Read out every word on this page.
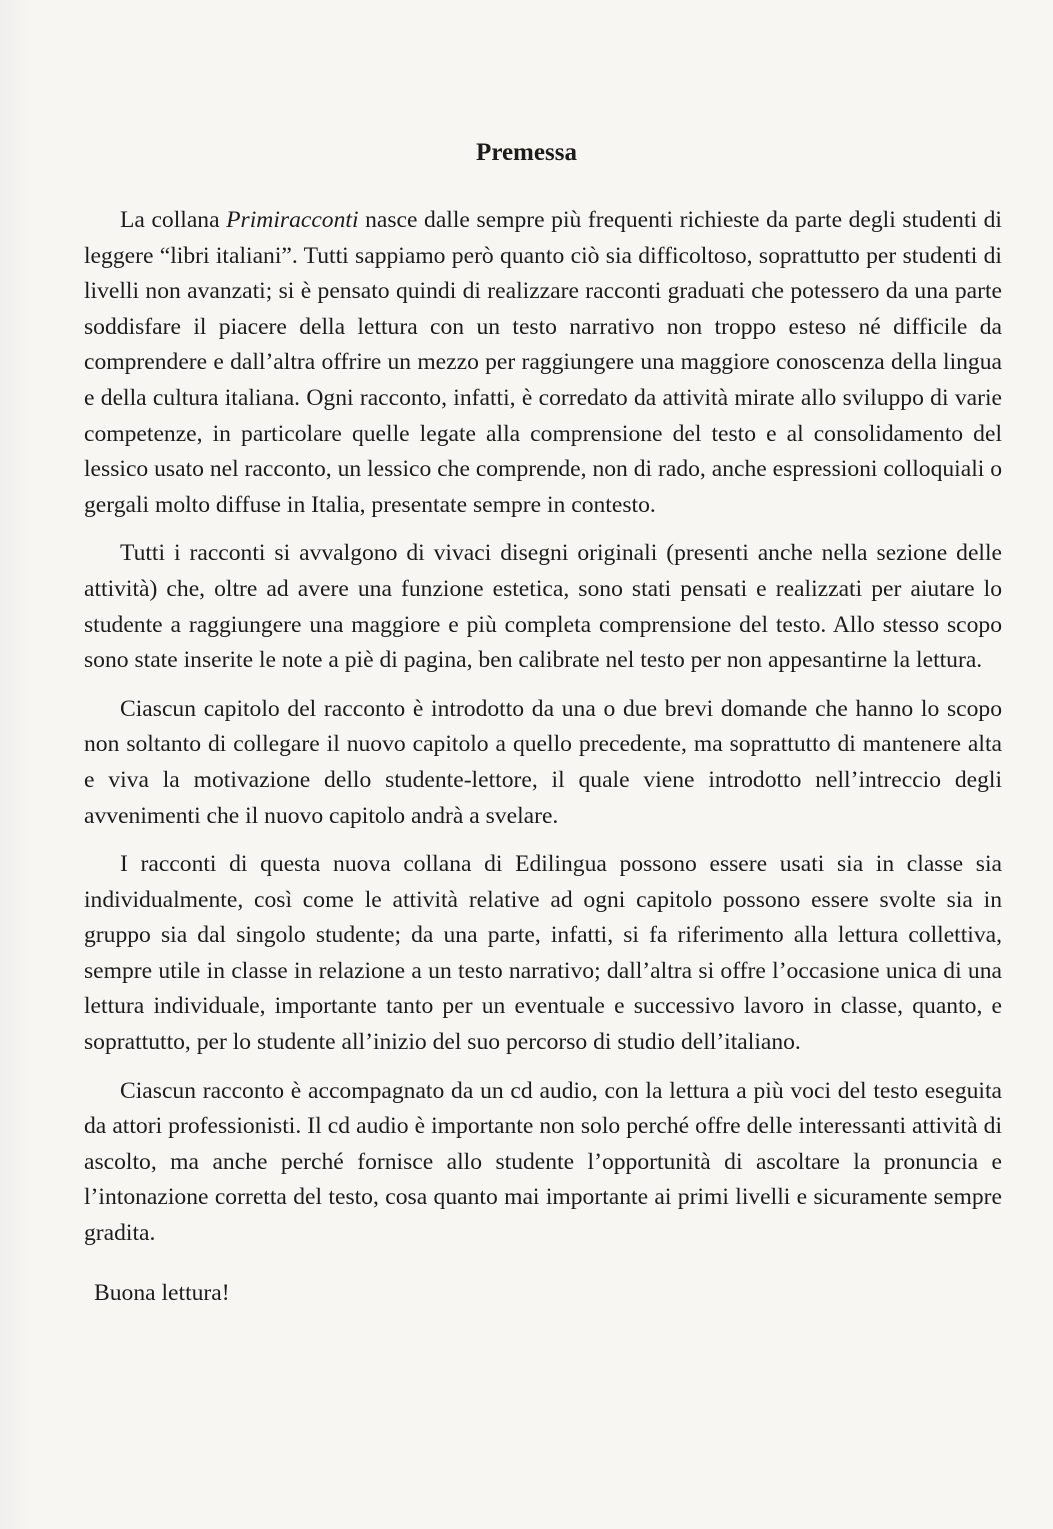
Premessa

La collana Primiracconti nasce dalle sempre più frequenti richieste da parte degli studenti di leggere “libri italiani”. Tutti sappiamo però quanto ciò sia difficoltoso, soprattutto per studenti di livelli non avanzati; si è pensato quindi di realizzare racconti graduati che potessero da una parte soddisfare il piacere della lettura con un testo narrativo non troppo esteso né difficile da comprendere e dall’altra offrire un mezzo per raggiungere una maggiore conoscenza della lingua e della cultura italiana. Ogni racconto, infatti, è corredato da attività mirate allo sviluppo di varie competenze, in particolare quelle legate alla comprensione del testo e al consolidamento del lessico usato nel racconto, un lessico che comprende, non di rado, anche espressioni colloquiali o gergali molto diffuse in Italia, presentate sempre in contesto.

Tutti i racconti si avvalgono di vivaci disegni originali (presenti anche nella sezione delle attività) che, oltre ad avere una funzione estetica, sono stati pensati e realizzati per aiutare lo studente a raggiungere una maggiore e più completa comprensione del testo. Allo stesso scopo sono state inserite le note a piè di pagina, ben calibrate nel testo per non appesantirne la lettura.

Ciascun capitolo del racconto è introdotto da una o due brevi domande che hanno lo scopo non soltanto di collegare il nuovo capitolo a quello precedente, ma soprattutto di mantenere alta e viva la motivazione dello studente-lettore, il quale viene introdotto nell’intreccio degli avvenimenti che il nuovo capitolo andrà a svelare.

I racconti di questa nuova collana di Edilingua possono essere usati sia in classe sia individualmente, così come le attività relative ad ogni capitolo possono essere svolte sia in gruppo sia dal singolo studente; da una parte, infatti, si fa riferimento alla lettura collettiva, sempre utile in classe in relazione a un testo narrativo; dall’altra si offre l’occasione unica di una lettura individuale, importante tanto per un eventuale e successivo lavoro in classe, quanto, e soprattutto, per lo studente all’inizio del suo percorso di studio dell’italiano.

Ciascun racconto è accompagnato da un cd audio, con la lettura a più voci del testo eseguita da attori professionisti. Il cd audio è importante non solo perché offre delle interessanti attività di ascolto, ma anche perché fornisce allo studente l’opportunità di ascoltare la pronuncia e l’intonazione corretta del testo, cosa quanto mai importante ai primi livelli e sicuramente sempre gradita.

Buona lettura!
